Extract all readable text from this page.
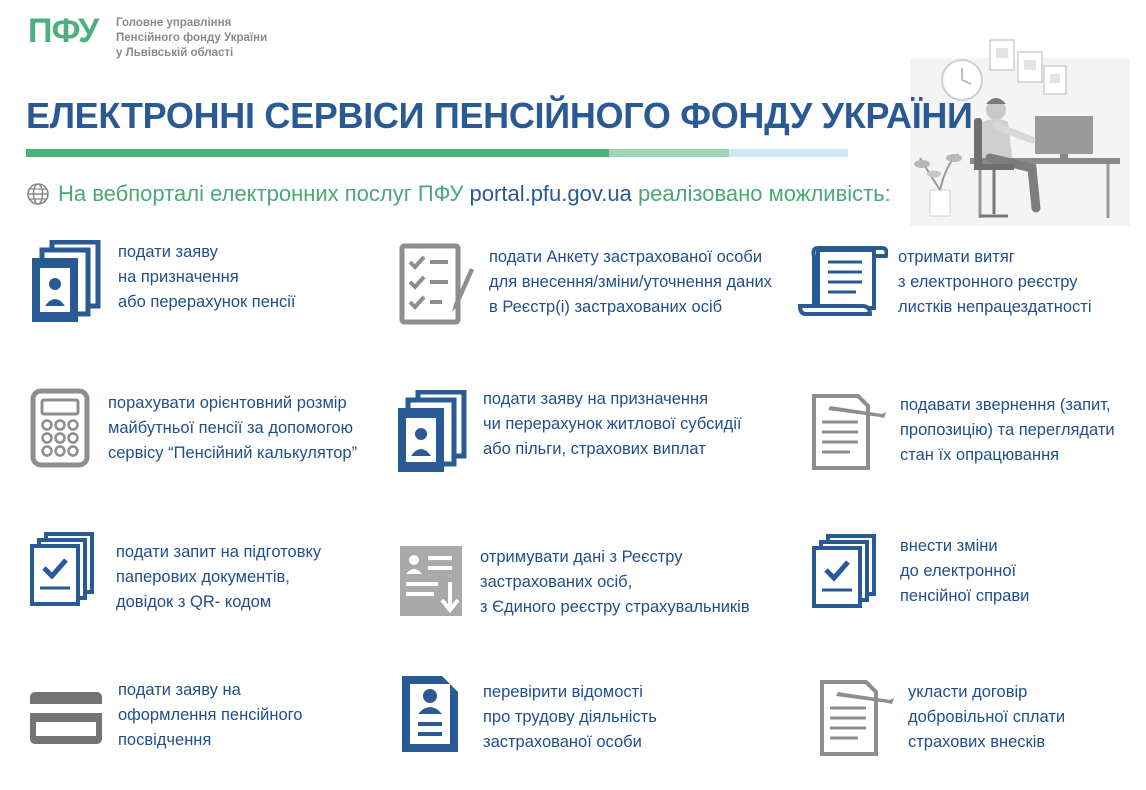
ПФУ Головне управління
Пенсійного фонду України
у Львівській області
ЕЛЕКТРОННІ СЕРВІСИ ПЕНСІЙНОГО ФОНДУ УКРАЇНИ
На вебпорталі електронних послуг ПФУ portal.pfu.gov.ua реалізовано можливість:
подати заяву
на призначення
або перерахунок пенсії
подати Анкету застрахованої особи
для внесення/зміни/уточнення даних
в Реєстр(і) застрахованих осіб
отримати витяг
з електронного реєстру
листків непрацездатності
порахувати орієнтовний розмір
майбутньої пенсії за допомогою
сервісу “Пенсійний калькулятор”
подати заяву на призначення
чи перерахунок житлової субсидії
або пільги, страхових виплат
подавати звернення (запит,
пропозицію) та переглядати
стан їх опрацювання
подати запит на підготовку
паперових документів,
довідок з QR- кодом
отримувати дані з Реєстру
застрахованих осіб,
з Єдиного реєстру страхувальників
внести зміни
до електронної
пенсійної справи
подати заяву на
оформлення пенсійного
посвідчення
перевірити відомості
про трудову діяльність
застрахованої особи
укласти договір
добровільної сплати
страхових внесків
